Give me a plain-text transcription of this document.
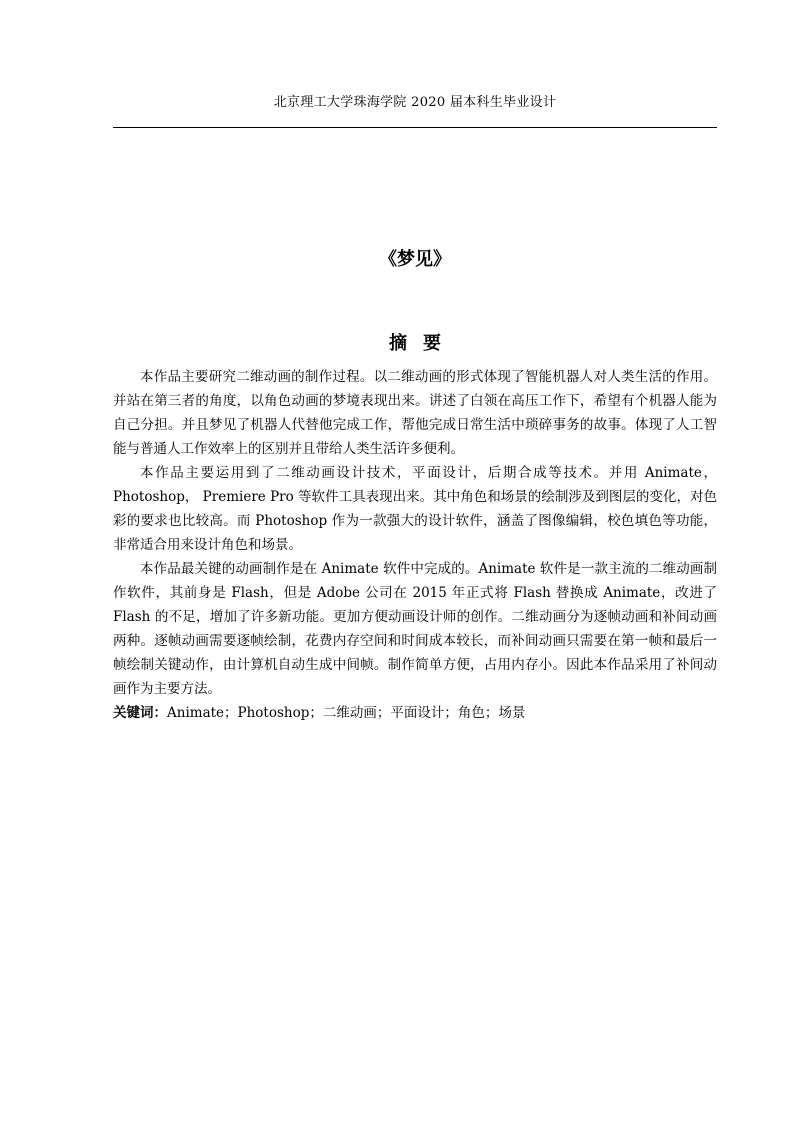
北京理工大学珠海学院 2020 届本科生毕业设计
《梦见》
摘要

本作品主要研究二维动画的制作过程。以二维动画的形式体现了智能机器人对人类生活的作用。并站在第三者的角度，以角色动画的梦境表现出来。讲述了白领在高压工作下，希望有个机器人能为自己分担。并且梦见了机器人代替他完成工作，帮他完成日常生活中琐碎事务的故事。体现了人工智能与普通人工作效率上的区别并且带给人类生活许多便利。

本作品主要运用到了二维动画设计技术，平面设计，后期合成等技术。并用 Animate，Photoshop， Premiere Pro 等软件工具表现出来。其中角色和场景的绘制涉及到图层的变化，对色彩的要求也比较高。而 Photoshop 作为一款强大的设计软件，涵盖了图像编辑，校色填色等功能，非常适合用来设计角色和场景。

本作品最关键的动画制作是在 Animate 软件中完成的。Animate 软件是一款主流的二维动画制作软件，其前身是 Flash，但是 Adobe 公司在 2015 年正式将 Flash 替换成 Animate，改进了 Flash 的不足，增加了许多新功能。更加方便动画设计师的创作。二维动画分为逐帧动画和补间动画两种。逐帧动画需要逐帧绘制，花费内存空间和时间成本较长，而补间动画只需要在第一帧和最后一帧绘制关键动作，由计算机自动生成中间帧。制作简单方便，占用内存小。因此本作品采用了补间动画作为主要方法。

关键词：Animate；Photoshop；二维动画；平面设计；角色；场景
